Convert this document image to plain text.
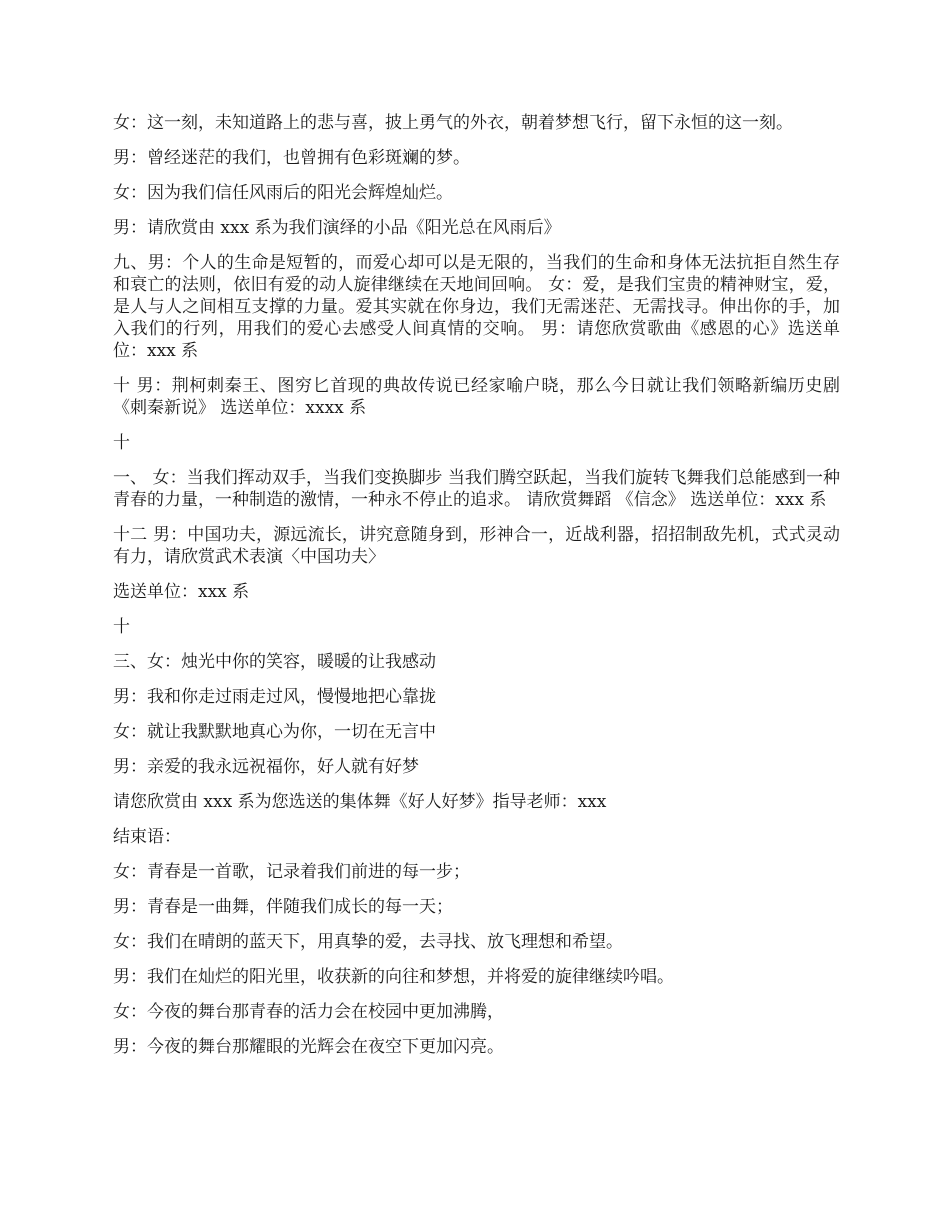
女：这一刻，未知道路上的悲与喜，披上勇气的外衣，朝着梦想飞行，留下永恒的这一刻。

男：曾经迷茫的我们，也曾拥有色彩斑斓的梦。

女：因为我们信任风雨后的阳光会辉煌灿烂。

男：请欣赏由 xxx 系为我们演绎的小品《阳光总在风雨后》

九、男：个人的生命是短暂的，而爱心却可以是无限的，当我们的生命和身体无法抗拒自然生存和衰亡的法则，依旧有爱的动人旋律继续在天地间回响。 女：爱，是我们宝贵的精神财宝，爱，是人与人之间相互支撑的力量。爱其实就在你身边，我们无需迷茫、无需找寻。伸出你的手，加入我们的行列，用我们的爱心去感受人间真情的交响。 男：请您欣赏歌曲《感恩的心》选送单位：xxx 系

十 男：荆柯刺秦王、图穷匕首现的典故传说已经家喻户晓，那么今日就让我们领略新编历史剧《刺秦新说》 选送单位：xxxx 系

十

一、 女：当我们挥动双手，当我们变换脚步 当我们腾空跃起，当我们旋转飞舞我们总能感到一种青春的力量，一种制造的激情，一种永不停止的追求。 请欣赏舞蹈 《信念》 选送单位：xxx 系

十二 男：中国功夫，源远流长，讲究意随身到，形神合一，近战利器，招招制敌先机，式式灵动有力，请欣赏武术表演〈中国功夫〉

选送单位：xxx 系

十

三、女：烛光中你的笑容，暖暖的让我感动

男：我和你走过雨走过风，慢慢地把心靠拢

女：就让我默默地真心为你，一切在无言中

男：亲爱的我永远祝福你，好人就有好梦

请您欣赏由 xxx 系为您选送的集体舞《好人好梦》指导老师：xxx

结束语：

女：青春是一首歌，记录着我们前进的每一步；

男：青春是一曲舞，伴随我们成长的每一天；

女：我们在晴朗的蓝天下，用真挚的爱，去寻找、放飞理想和希望。

男：我们在灿烂的阳光里，收获新的向往和梦想，并将爱的旋律继续吟唱。

女：今夜的舞台那青春的活力会在校园中更加沸腾，

男：今夜的舞台那耀眼的光辉会在夜空下更加闪亮。
